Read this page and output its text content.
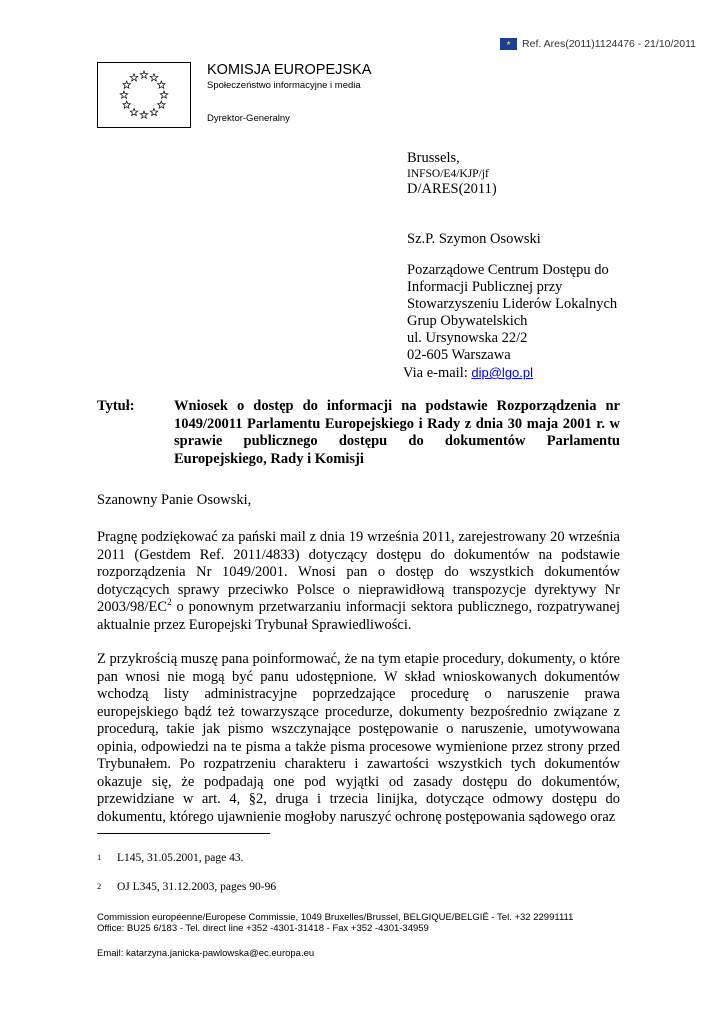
★ Ref. Ares(2011)1124476 - 21/10/2011
KOMISJA EUROPEJSKA
Społeczeństwo informacyjne i media
Dyrektor-Generalny
Brussels,
INFSO/E4/KJP/jf
D/ARES(2011)
Sz.P. Szymon Osowski
Pozarządowe Centrum Dostępu do
Informacji Publicznej przy
Stowarzyszeniu Liderów Lokalnych
Grup Obywatelskich
ul. Ursynowska 22/2
02-605 Warszawa
Via e-mail: dip@lgo.pl
Tytuł:	Wniosek o dostęp do informacji na podstawie Rozporządzenia nr 1049/20011 Parlamentu Europejskiego i Rady z dnia 30 maja 2001 r. w sprawie publicznego dostępu do dokumentów Parlamentu Europejskiego, Rady i Komisji
Szanowny Panie Osowski,
Pragnę podziękować za pański mail z dnia 19 września 2011, zarejestrowany 20 września 2011 (Gestdem Ref. 2011/4833) dotyczący dostępu do dokumentów na podstawie rozporządzenia Nr 1049/2001. Wnosi pan o dostęp do wszystkich dokumentów dotyczących sprawy przeciwko Polsce o nieprawidłową transpozycje dyrektywy Nr $2003/98/EC^2$ o ponownym przetwarzaniu informacji sektora publicznego, rozpatrywanej aktualnie przez Europejski Trybunał Sprawiedliwości.
Z przykrością muszę pana poinformować, że na tym etapie procedury, dokumenty, o które pan wnosi nie mogą być panu udostępnione. W skład wnioskowanych dokumentów wchodzą listy administracyjne poprzedzające procedurę o naruszenie prawa europejskiego bądź też towarzyszące procedurze, dokumenty bezpośrednio związane z procedurą, takie jak pismo wszczynające postępowanie o naruszenie, umotywowana opinia, odpowiedzi na te pisma a także pisma procesowe wymienione przez strony przed Trybunałem. Po rozpatrzeniu charakteru i zawartości wszystkich tych dokumentów okazuje się, że podpadają one pod wyjątki od zasady dostępu do dokumentów, przewidziane w art. 4, §2, druga i trzecia linijka, dotyczące odmowy dostępu do dokumentu, którego ujawnienie mogłoby naruszyć ochronę postępowania sądowego oraz
1 L145, 31.05.2001, page 43.
2 OJ L345, 31.12.2003, pages 90-96
Commission européenne/Europese Commissie, 1049 Bruxelles/Brussel, BELGIQUE/BELGIË - Tel. +32 22991111
Office: BU25 6/183 - Tel. direct line +352 -4301-31418 - Fax +352 -4301-34959
Email: katarzyna.janicka-pawlowska@ec.europa.eu
